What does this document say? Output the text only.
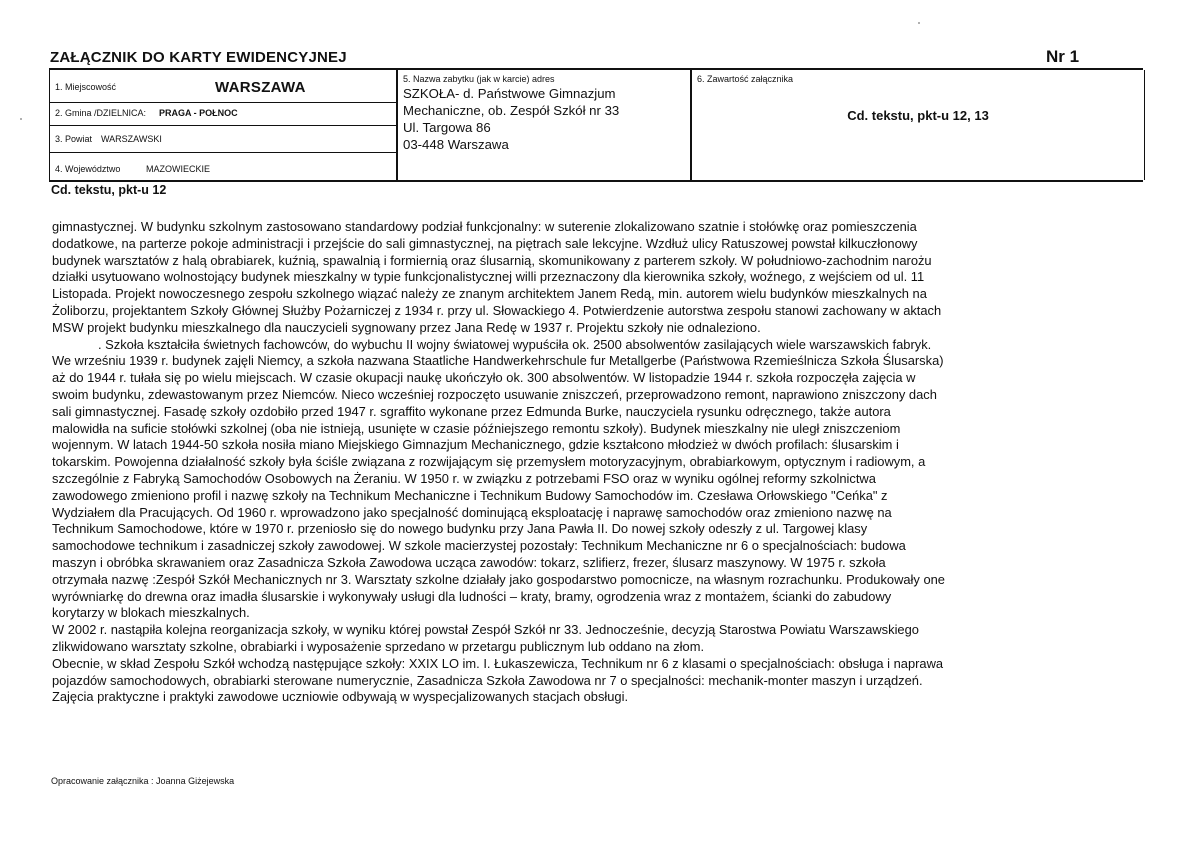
ZAŁĄCZNIK DO KARTY EWIDENCYJNEJ	Nr 1
1. Miejscowość	WARSZAWA
2. Gmina /DZIELNICA: PRAGA - POŁNOC
3. Powiat WARSZAWSKI
4. Województwo	MAZOWIECKIE
5. Nazwa zabytku (jak w karcie) adres
SZKOŁA- d. Państwowe Gimnazjum
Mechaniczne, ob. Zespół Szkół nr 33
Ul. Targowa 86
03-448 Warszawa
6. Zawartość załącznika
Cd. tekstu, pkt-u 12, 13
Cd. tekstu, pkt-u 12

gimnastycznej. W budynku szkolnym zastosowano standardowy podział funkcjonalny: w suterenie zlokalizowano szatnie i stołówkę oraz pomieszczenia

dodatkowe, na parterze pokoje administracji i przejście do sali gimnastycznej, na piętrach sale lekcyjne. Wzdłuż ulicy Ratuszowej powstał kilkuczłonowy

budynek warsztatów z halą obrabiarek, kuźnią, spawalnią i formiernią oraz ślusarnią, skomunikowany z parterem szkoły. W południowo-zachodnim narożu

działki usytuowano wolnostojący budynek mieszkalny w typie funkcjonalistycznej willi przeznaczony dla kierownika szkoły, woźnego, z wejściem od ul. 11

Listopada. Projekt nowoczesnego zespołu szkolnego wiązać należy ze znanym architektem Janem Redą, min. autorem wielu budynków mieszkalnych na

Żoliborzu, projektantem Szkoły Głównej Służby Pożarniczej z 1934 r. przy ul. Słowackiego 4. Potwierdzenie autorstwa zespołu stanowi zachowany w aktach

MSW projekt budynku mieszkalnego dla nauczycieli sygnowany przez Jana Redę w 1937 r. Projektu szkoły nie odnaleziono.

. Szkoła kształciła świetnych fachowców, do wybuchu II wojny światowej wypuściła ok. 2500 absolwentów zasilających wiele warszawskich fabryk.

We wrześniu 1939 r. budynek zajęli Niemcy, a szkoła nazwana Staatliche Handwerkehrschule fur Metallgerbe (Państwowa Rzemieślnicza Szkoła Ślusarska)

aż do 1944 r. tułała się po wielu miejscach. W czasie okupacji naukę ukończyło ok. 300 absolwentów. W listopadzie 1944 r. szkoła rozpoczęła zajęcia w

swoim budynku, zdewastowanym przez Niemców. Nieco wcześniej rozpoczęto usuwanie zniszczeń, przeprowadzono remont, naprawiono zniszczony dach

sali gimnastycznej. Fasadę szkoły ozdobiło przed 1947 r. sgraffito wykonane przez Edmunda Burke, nauczyciela rysunku odręcznego, także autora

malowidła na suficie stołówki szkolnej (oba nie istnieją, usunięte w czasie późniejszego remontu szkoły). Budynek mieszkalny nie uległ zniszczeniom

wojennym. W latach 1944-50 szkoła nosiła miano Miejskiego Gimnazjum Mechanicznego, gdzie kształcono młodzież w dwóch profilach: ślusarskim i

tokarskim. Powojenna działalność szkoły była ściśle związana z rozwijającym się przemysłem motoryzacyjnym, obrabiarkowym, optycznym i radiowym, a

szczególnie z Fabryką Samochodów Osobowych na Żeraniu. W 1950 r. w związku z potrzebami FSO oraz w wyniku ogólnej reformy szkolnictwa

zawodowego zmieniono profil i nazwę szkoły na Technikum Mechaniczne i Technikum Budowy Samochodów im. Czesława Orłowskiego "Ceńka" z

Wydziałem dla Pracujących. Od 1960 r. wprowadzono jako specjalność dominującą eksploatację i naprawę samochodów oraz zmieniono nazwę na

Technikum Samochodowe, które w 1970 r. przeniosło się do nowego budynku przy Jana Pawła II. Do nowej szkoły odeszły z ul. Targowej klasy

samochodowe technikum i zasadniczej szkoły zawodowej. W szkole macierzystej pozostały: Technikum Mechaniczne nr 6 o specjalnościach: budowa

maszyn i obróbka skrawaniem oraz Zasadnicza Szkoła Zawodowa ucząca zawodów: tokarz, szlifierz, frezer, ślusarz maszynowy. W 1975 r. szkoła

otrzymała nazwę :Zespół Szkół Mechanicznych nr 3. Warsztaty szkolne działały jako gospodarstwo pomocnicze, na własnym rozrachunku. Produkowały one

wyrówniarkę do drewna oraz imadła ślusarskie i wykonywały usługi dla ludności – kraty, bramy, ogrodzenia wraz z montażem, ścianki do zabudowy

korytarzy w blokach mieszkalnych.

W 2002 r. nastąpiła kolejna reorganizacja szkoły, w wyniku której powstał Zespół Szkół nr 33. Jednocześnie, decyzją Starostwa Powiatu Warszawskiego

zlikwidowano warsztaty szkolne, obrabiarki i wyposażenie sprzedano w przetargu publicznym lub oddano na złom.

Obecnie, w skład Zespołu Szkół wchodzą następujące szkoły: XXIX LO im. I. Łukaszewicza, Technikum nr 6 z klasami o specjalnościach: obsługa i naprawa

pojazdów samochodowych, obrabiarki sterowane numerycznie, Zasadnicza Szkoła Zawodowa nr 7 o specjalności: mechanik-monter maszyn i urządzeń.

Zajęcia praktyczne i praktyki zawodowe uczniowie odbywają w wyspecjalizowanych stacjach obsługi.

Opracowanie załącznika : Joanna Giżejewska
